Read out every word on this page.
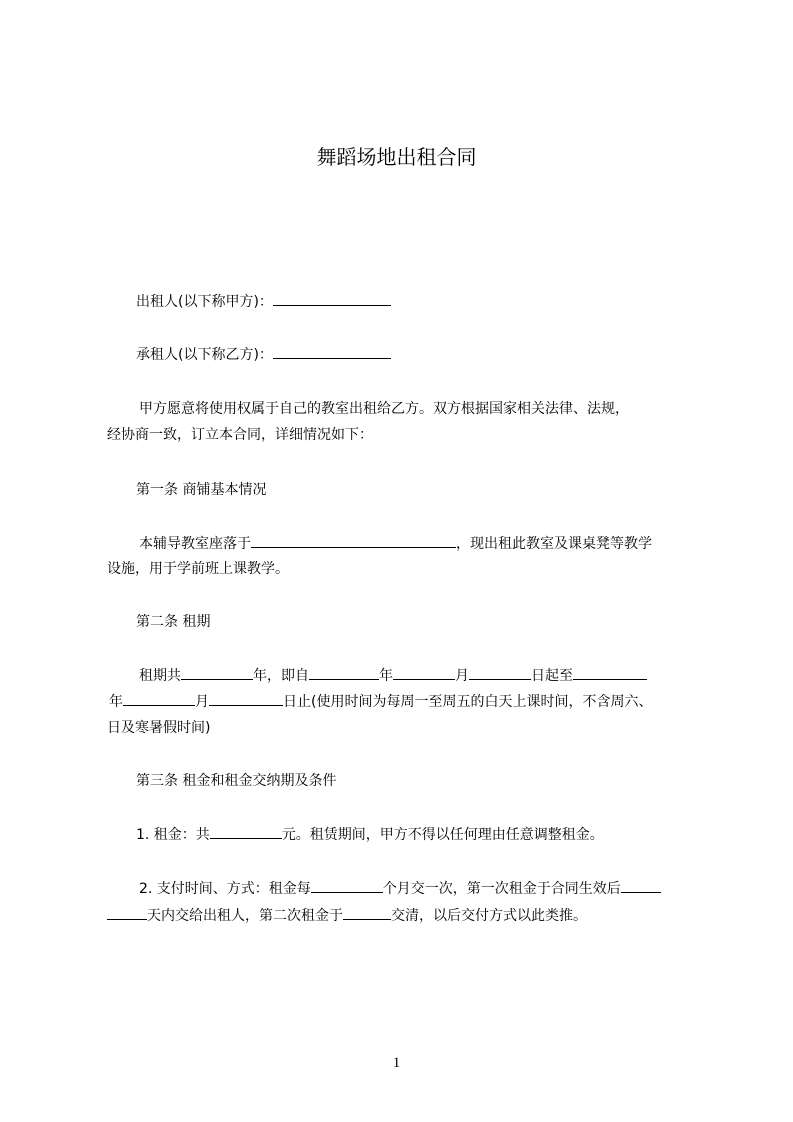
舞蹈场地出租合同
出租人(以下称甲方)：
承租人(以下称乙方)：
甲方愿意将使用权属于自己的教室出租给乙方。双方根据国家相关法律、法规，
经协商一致，订立本合同，详细情况如下：
第一条 商铺基本情况
本辅导教室座落于	，现出租此教室及课桌凳等教学
设施，用于学前班上课教学。
第二条 租期
租期共	年，即自	年	月	日起至
年	月	日止(使用时间为每周一至周五的白天上课时间，不含周六、
日及寒暑假时间)
第三条 租金和租金交纳期及条件
1. 租金：共	元。租赁期间，甲方不得以任何理由任意调整租金。
2. 支付时间、方式：租金每	个月交一次，第一次租金于合同生效后
天内交给出租人，第二次租金于	交清，以后交付方式以此类推。
1
